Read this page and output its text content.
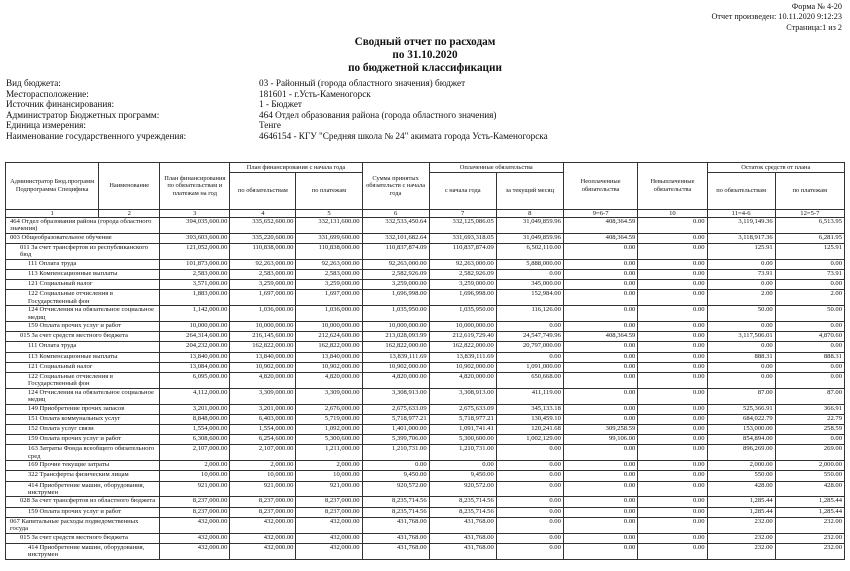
Форма № 4-20
Отчет произведен: 10.11.2020 9:12:23
Страница:1 из 2
Сводный отчет по расходам
по 31.10.2020
по бюджетной классификации
Вид бюджета:	03 - Районный (города областного значения) бюджет
Месторасположение:	181601 - г.Усть-Каменогорск
Источник финансирования:	1 - Бюджет
Администратор Бюджетных программ:	464 Отдел образования района (города областного значения)
Единица измерения:	Тенге
Наименование государственного учреждения:	4646154 - КГУ "Средняя школа № 24" акимата города Усть-Каменогорска
Администратор Бюд.программ Подпрограмма Специфика	Наименование	План финансирования по обязательствам и платежам на год	План финансирования с начала года		Сумма принятых обязательств с начала года	Оплаченные обязательства		Неоплаченные обязательства	Невыплаченные обязательства	Остаток средств от плана	
			по обязательствам	по платежам		с начала года	за текущий месяц			по обязательствам	по платежам
1	2	3	4	5	6	7	8	9=6-7	10	11=4-6	12=5-7

464 Отдел образования района (города областного значения)		394,035,600.00	335,652,600.00	332,131,600.00	332,533,450.64	332,125,086.05	31,049,859.96	408,364.59	0.00	3,119,149.36	6,513.95

003 Общеобразовательное обучение		393,603,600.00	335,220,600.00	331,699,600.00	332,101,682.64	331,693,318.05	31,049,859.96	408,364.59	0.00	3,118,917.36	6,281.95

011 За счет трансфертов из республиканского бюд		121,052,000.00	110,838,000.00	110,838,000.00	110,837,874.09	110,837,874.09	6,502,110.00	0.00	0.00	125.91	125.91

111 Оплата труда		101,873,000.00	92,263,000.00	92,263,000.00	92,263,000.00	92,263,000.00	5,888,000.00	0.00	0.00	0.00	0.00

113 Компенсационные выплаты		2,583,000.00	2,583,000.00	2,583,000.00	2,582,926.09	2,582,926.09	0.00	0.00	0.00	73.91	73.91

121 Социальный налог		3,571,000.00	3,259,000.00	3,259,000.00	3,259,000.00	3,259,000.00	345,000.00	0.00	0.00	0.00	0.00

122 Социальные отчисления в Государственный фон		1,883,000.00	1,697,000.00	1,697,000.00	1,696,998.00	1,696,998.00	152,984.00	0.00	0.00	2.00	2.00

124 Отчисления на обязательное социальное медиц		1,142,000.00	1,036,000.00	1,036,000.00	1,035,950.00	1,035,950.00	116,126.00	0.00	0.00	50.00	50.00

159 Оплата прочих услуг и работ		10,000,000.00	10,000,000.00	10,000,000.00	10,000,000.00	10,000,000.00	0.00	0.00	0.00	0.00	0.00

015 За счет средств местного бюджета		264,314,600.00	216,145,600.00	212,624,600.00	213,028,093.99	212,619,729.40	24,547,749.96	408,364.59	0.00	3,117,506.01	4,870.60

111 Оплата труда		204,232,000.00	162,822,000.00	162,822,000.00	162,822,000.00	162,822,000.00	20,797,000.00	0.00	0.00	0.00	0.00

113 Компенсационные выплаты		13,840,000.00	13,840,000.00	13,840,000.00	13,839,111.69	13,839,111.69	0.00	0.00	0.00	888.31	888.31

121 Социальный налог		13,084,000.00	10,902,000.00	10,902,000.00	10,902,000.00	10,902,000.00	1,091,000.00	0.00	0.00	0.00	0.00

122 Социальные отчисления в Государственный фон		6,095,000.00	4,820,000.00	4,820,000.00	4,820,000.00	4,820,000.00	650,668.00	0.00	0.00	0.00	0.00

124 Отчисления на обязательное социальное медиц		4,112,000.00	3,309,000.00	3,309,000.00	3,308,913.00	3,308,913.00	411,119.00	0.00	0.00	87.00	87.00

149 Приобретение прочих запасов		3,201,000.00	3,201,000.00	2,676,000.00	2,675,633.09	2,675,633.09	345,133.18	0.00	0.00	525,366.91	366.91

151 Оплата коммунальных услуг		8,848,000.00	6,403,000.00	5,719,000.00	5,718,977.21	5,718,977.21	130,459.10	0.00	0.00	684,022.79	22.79

152 Оплата услуг связи		1,554,000.00	1,554,000.00	1,092,000.00	1,401,000.00	1,091,741.41	120,241.68	309,258.59	0.00	153,000.00	258.59

159 Оплата прочих услуг и работ		6,308,600.00	6,254,600.00	5,300,600.00	5,399,706.00	5,300,600.00	1,002,129.00	99,106.00	0.00	854,894.00	0.00

163 Затраты Фонда всеобщего обязательного сред		2,107,000.00	2,107,000.00	1,211,000.00	1,210,731.00	1,210,731.00	0.00	0.00	0.00	896,269.00	269.00

169 Прочие текущие затраты		2,000.00	2,000.00	2,000.00	0.00	0.00	0.00	0.00	0.00	2,000.00	2,000.00

322 Трансферты физическим лицам		10,000.00	10,000.00	10,000.00	9,450.00	9,450.00	0.00	0.00	0.00	550.00	550.00

414 Приобретение машин, оборудования, инструмен		921,000.00	921,000.00	921,000.00	920,572.00	920,572.00	0.00	0.00	0.00	428.00	428.00

028 За счет трансфертов из областного бюджета		8,237,000.00	8,237,000.00	8,237,000.00	8,235,714.56	8,235,714.56	0.00	0.00	0.00	1,285.44	1,285.44

159 Оплата прочих услуг и работ		8,237,000.00	8,237,000.00	8,237,000.00	8,235,714.56	8,235,714.56	0.00	0.00	0.00	1,285.44	1,285.44

067 Капитальные расходы подведомственных госуда		432,000.00	432,000.00	432,000.00	431,768.00	431,768.00	0.00	0.00	0.00	232.00	232.00

015 За счет средств местного бюджета		432,000.00	432,000.00	432,000.00	431,768.00	431,768.00	0.00	0.00	0.00	232.00	232.00

414 Приобретение машин, оборудования, инструмен		432,000.00	432,000.00	432,000.00	431,768.00	431,768.00	0.00	0.00	0.00	232.00	232.00
